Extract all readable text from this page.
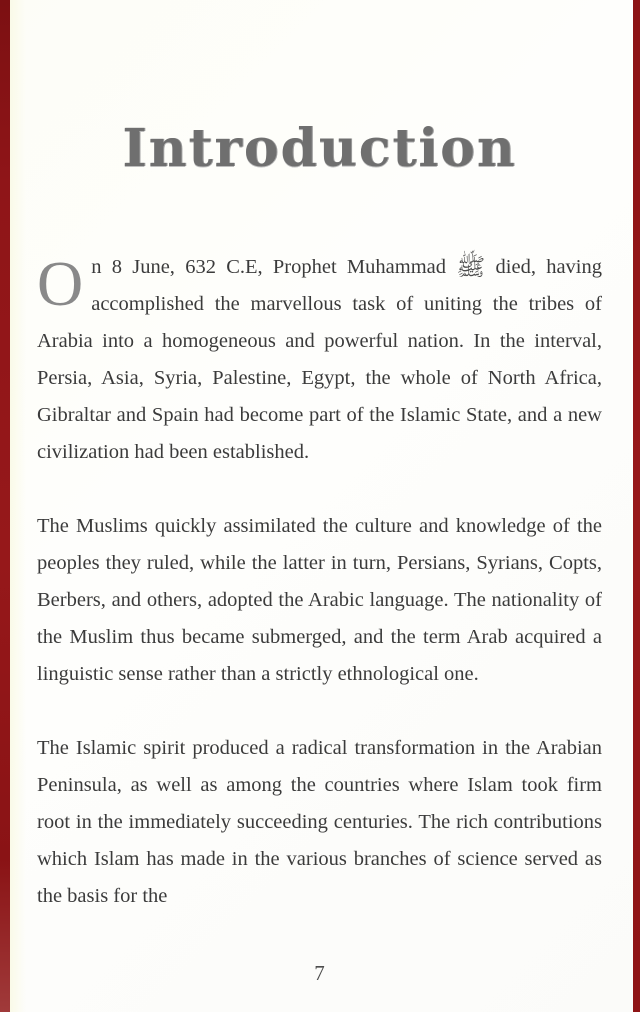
Introduction

On 8 June, 632 C.E, Prophet Muhammad ﷺ died, having accomplished the marvellous task of uniting the tribes of Arabia into a homogeneous and powerful nation. In the interval, Persia, Asia, Syria, Palestine, Egypt, the whole of North Africa, Gibraltar and Spain had become part of the Islamic State, and a new civilization had been established.

The Muslims quickly assimilated the culture and knowledge of the peoples they ruled, while the latter in turn, Persians, Syrians, Copts, Berbers, and others, adopted the Arabic language. The nationality of the Muslim thus became submerged, and the term Arab acquired a linguistic sense rather than a strictly ethnological one.

The Islamic spirit produced a radical transformation in the Arabian Peninsula, as well as among the countries where Islam took firm root in the immediately succeeding centuries. The rich contributions which Islam has made in the various branches of science served as the basis for the

7
